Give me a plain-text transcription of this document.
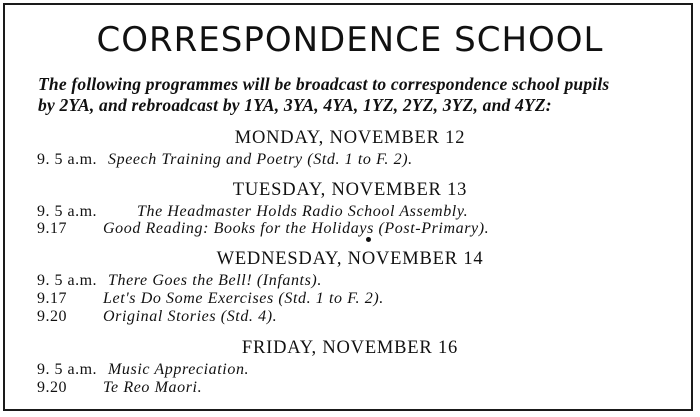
CORRESPONDENCE SCHOOL
The following programmes will be broadcast to correspondence school pupils
by 2YA, and rebroadcast by 1YA, 3YA, 4YA, 1YZ, 2YZ, 3YZ, and 4YZ:
MONDAY, NOVEMBER 12
9. 5 a.m. Speech Training and Poetry (Std. 1 to F. 2).
TUESDAY, NOVEMBER 13
9. 5 a.m. The Headmaster Holds Radio School Assembly.
9.17 Good Reading: Books for the Holidays (Post-Primary).
WEDNESDAY, NOVEMBER 14
9. 5 a.m. There Goes the Bell! (Infants).
9.17 Let's Do Some Exercises (Std. 1 to F. 2).
9.20 Original Stories (Std. 4).
FRIDAY, NOVEMBER 16
9. 5 a.m. Music Appreciation.
9.20 Te Reo Maori.
